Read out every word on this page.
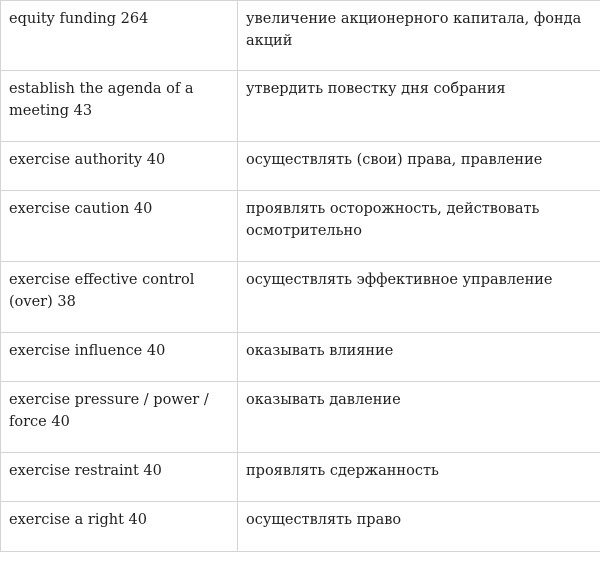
equity funding 264	увеличение акционерного капитала, фонда акций
establish the agenda of a meeting 43	утвердить повестку дня собрания
exercise authority 40	осуществлять (свои) права, правление
exercise caution 40	проявлять осторожность, действовать осмотрительно
exercise effective control (over) 38	осуществлять эффективное управление
exercise influence 40	оказывать влияние
exercise pressure / power / force 40	оказывать давление
exercise restraint 40	проявлять сдержанность
exercise a right 40	осуществлять право
